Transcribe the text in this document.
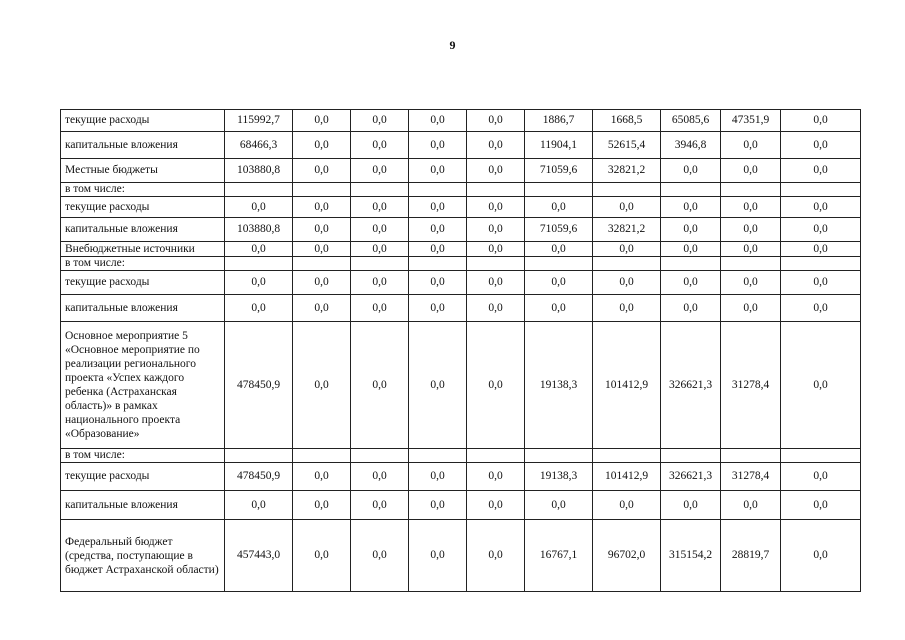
9
текущие расходы	115992,7	0,0	0,0	0,0	0,0	1886,7	1668,5	65085,6	47351,9	0,0
капитальные вложения	68466,3	0,0	0,0	0,0	0,0	11904,1	52615,4	3946,8	0,0	0,0
Местные бюджеты	103880,8	0,0	0,0	0,0	0,0	71059,6	32821,2	0,0	0,0	0,0
в том числе:										
текущие расходы	0,0	0,0	0,0	0,0	0,0	0,0	0,0	0,0	0,0	0,0
капитальные вложения	103880,8	0,0	0,0	0,0	0,0	71059,6	32821,2	0,0	0,0	0,0
Внебюджетные источники	0,0	0,0	0,0	0,0	0,0	0,0	0,0	0,0	0,0	0,0
в том числе:										
текущие расходы	0,0	0,0	0,0	0,0	0,0	0,0	0,0	0,0	0,0	0,0
капитальные вложения	0,0	0,0	0,0	0,0	0,0	0,0	0,0	0,0	0,0	0,0
Основное мероприятие 5 «Основное мероприятие по реализации регионального проекта «Успех каждого ребенка (Астраханская область)» в рамках национального проекта «Образование»	478450,9	0,0	0,0	0,0	0,0	19138,3	101412,9	326621,3	31278,4	0,0
в том числе:										
текущие расходы	478450,9	0,0	0,0	0,0	0,0	19138,3	101412,9	326621,3	31278,4	0,0
капитальные вложения	0,0	0,0	0,0	0,0	0,0	0,0	0,0	0,0	0,0	0,0
Федеральный бюджет (средства, поступающие в бюджет Астраханской области)	457443,0	0,0	0,0	0,0	0,0	16767,1	96702,0	315154,2	28819,7	0,0
